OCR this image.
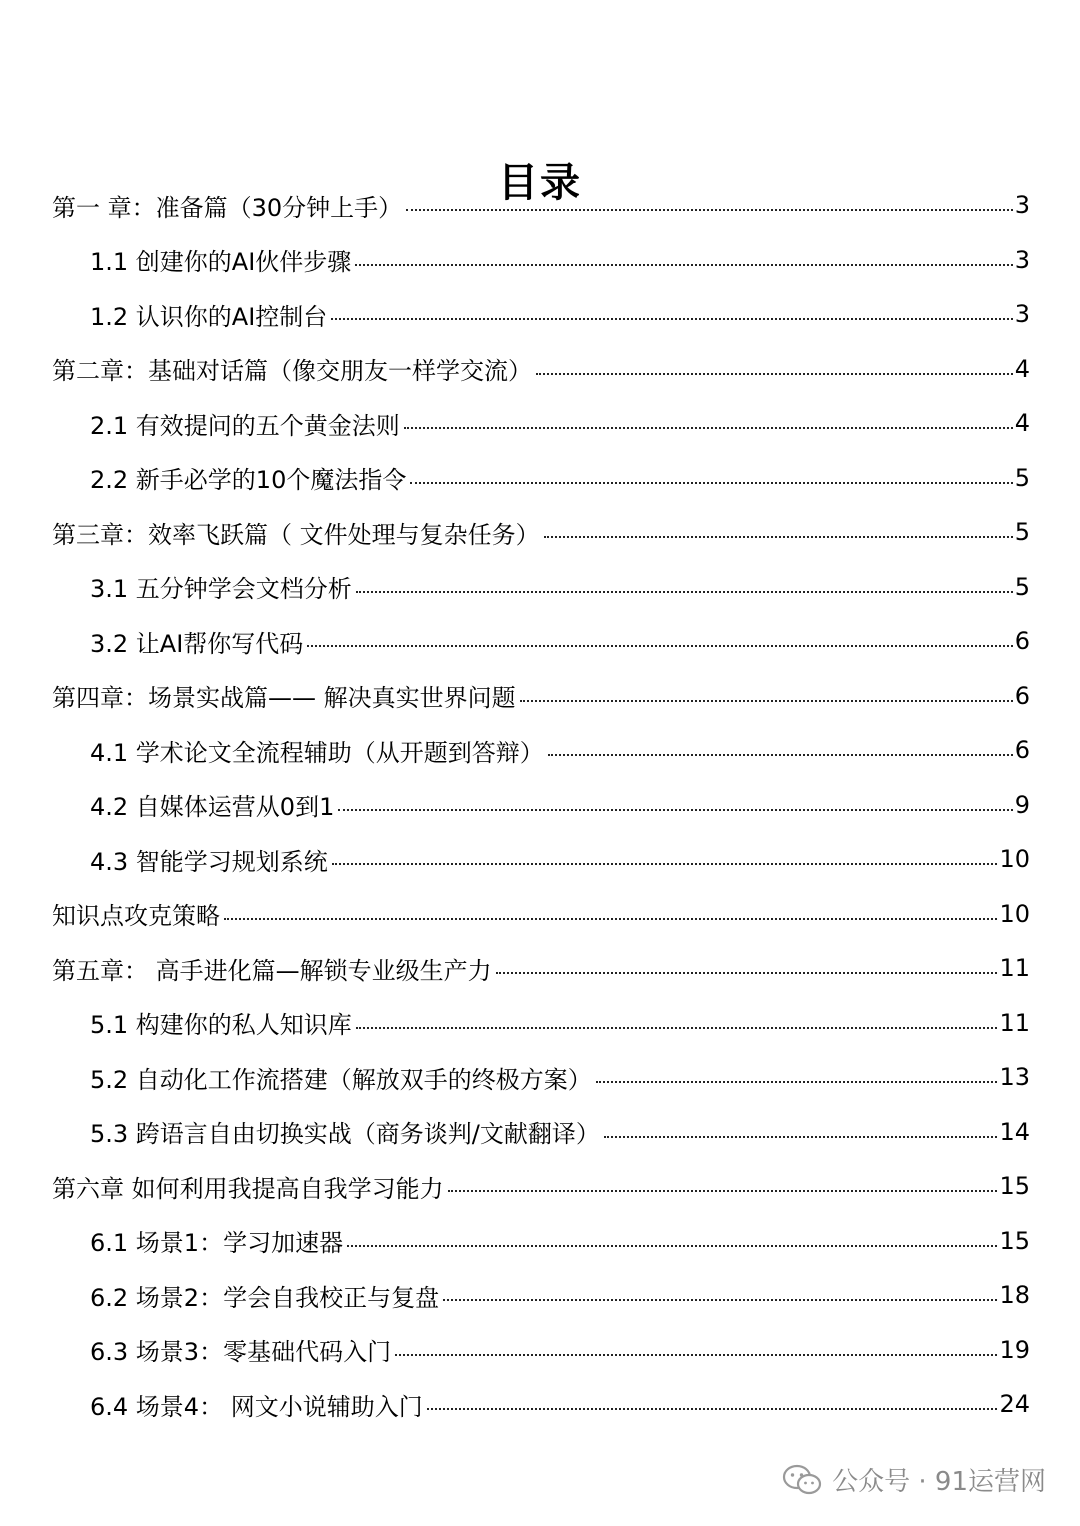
目录
第一 章：准备篇（30分钟上手）	3
1.1 创建你的AI伙伴步骤	3
1.2 认识你的AI控制台	3
第二章：基础对话篇（像交朋友一样学交流）	4
2.1 有效提问的五个黄金法则	4
2.2 新手必学的10个魔法指令	5
第三章：效率飞跃篇（ 文件处理与复杂任务）	5
3.1 五分钟学会文档分析	5
3.2 让AI帮你写代码	6
第四章：场景实战篇—— 解决真实世界问题	6
4.1 学术论文全流程辅助（从开题到答辩）	6
4.2 自媒体运营从0到1	9
4.3 智能学习规划系统	10
知识点攻克策略	10
第五章： 高手进化篇—解锁专业级生产力	11
5.1 构建你的私人知识库	11
5.2 自动化工作流搭建（解放双手的终极方案）	13
5.3 跨语言自由切换实战（商务谈判/文献翻译）	14
第六章 如何利用我提高自我学习能力	15
6.1 场景1：学习加速器	15
6.2 场景2：学会自我校正与复盘	18
6.3 场景3：零基础代码入门	19
6.4 场景4： 网文小说辅助入门	24
公众号 · 91运营网
